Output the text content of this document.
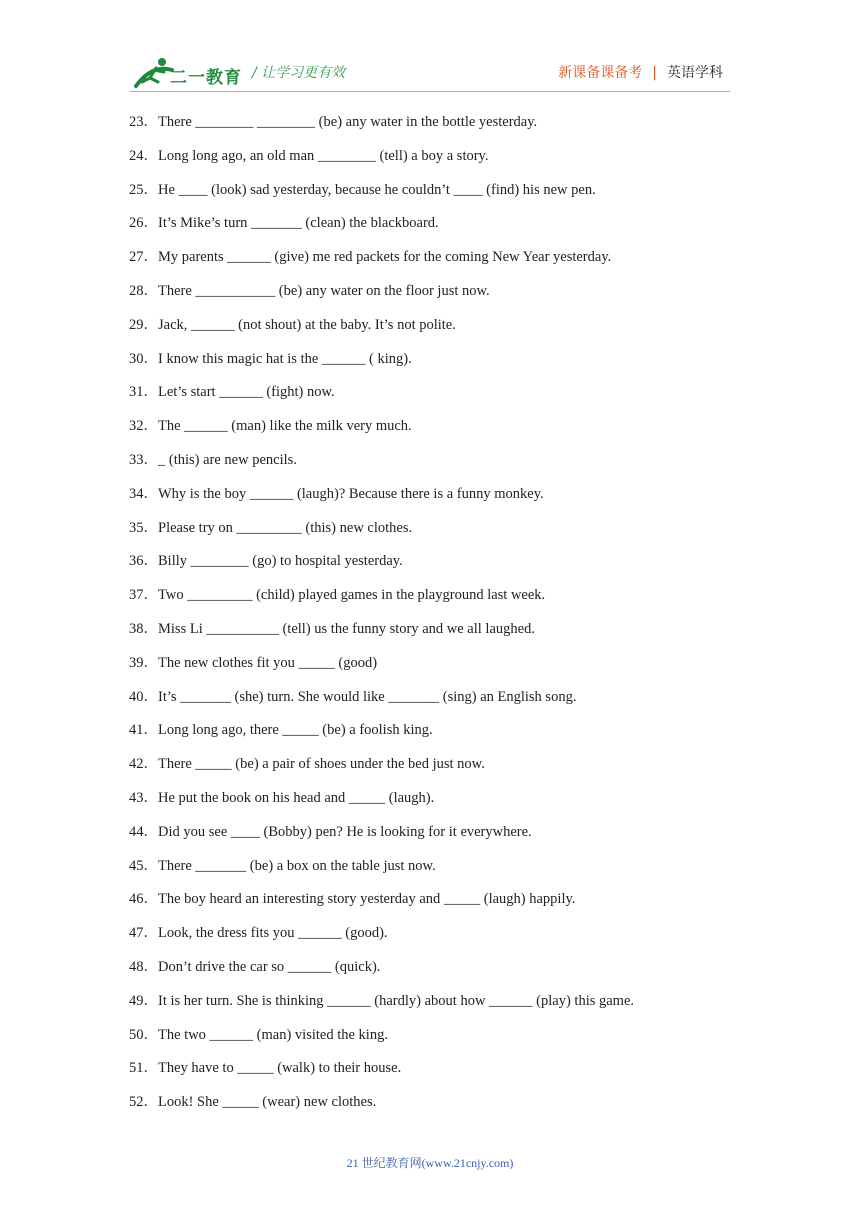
二一教育 / 让学习更有效	新课备课备考 | 英语学科
23．There ________ ________ (be) any water in the bottle yesterday.
24．Long long ago, an old man ________ (tell) a boy a story.
25．He ____ (look) sad yesterday, because he couldn’t ____ (find) his new pen.
26．It’s Mike’s turn _______ (clean) the blackboard.
27．My parents ______ (give) me red packets for the coming New Year yesterday.
28．There ___________ (be) any water on the floor just now.
29．Jack, ______ (not shout) at the baby. It’s not polite.
30．I know this magic hat is the ______ ( king).
31．Let’s start ______ (fight) now.
32．The ______ (man) like the milk very much.
33．_ (this) are new pencils.
34．Why is the boy ______ (laugh)? Because there is a funny monkey.
35．Please try on _________ (this) new clothes.
36．Billy ________ (go) to hospital yesterday.
37．Two _________ (child) played games in the playground last week.
38．Miss Li __________ (tell) us the funny story and we all laughed.
39．The new clothes fit you _____ (good)
40．It’s _______ (she) turn. She would like _______ (sing) an English song.
41．Long long ago, there _____ (be) a foolish king.
42．There _____ (be) a pair of shoes under the bed just now.
43．He put the book on his head and _____ (laugh).
44．Did you see ____ (Bobby) pen? He is looking for it everywhere.
45．There _______ (be) a box on the table just now.
46．The boy heard an interesting story yesterday and _____ (laugh) happily.
47．Look, the dress fits you ______ (good).
48．Don’t drive the car so ______ (quick).
49．It is her turn. She is thinking ______ (hardly) about how ______ (play) this game.
50．The two ______ (man) visited the king.
51．They have to _____ (walk) to their house.
52．Look! She _____ (wear) new clothes.
21 世纪教育网(www.21cnjy.com)
